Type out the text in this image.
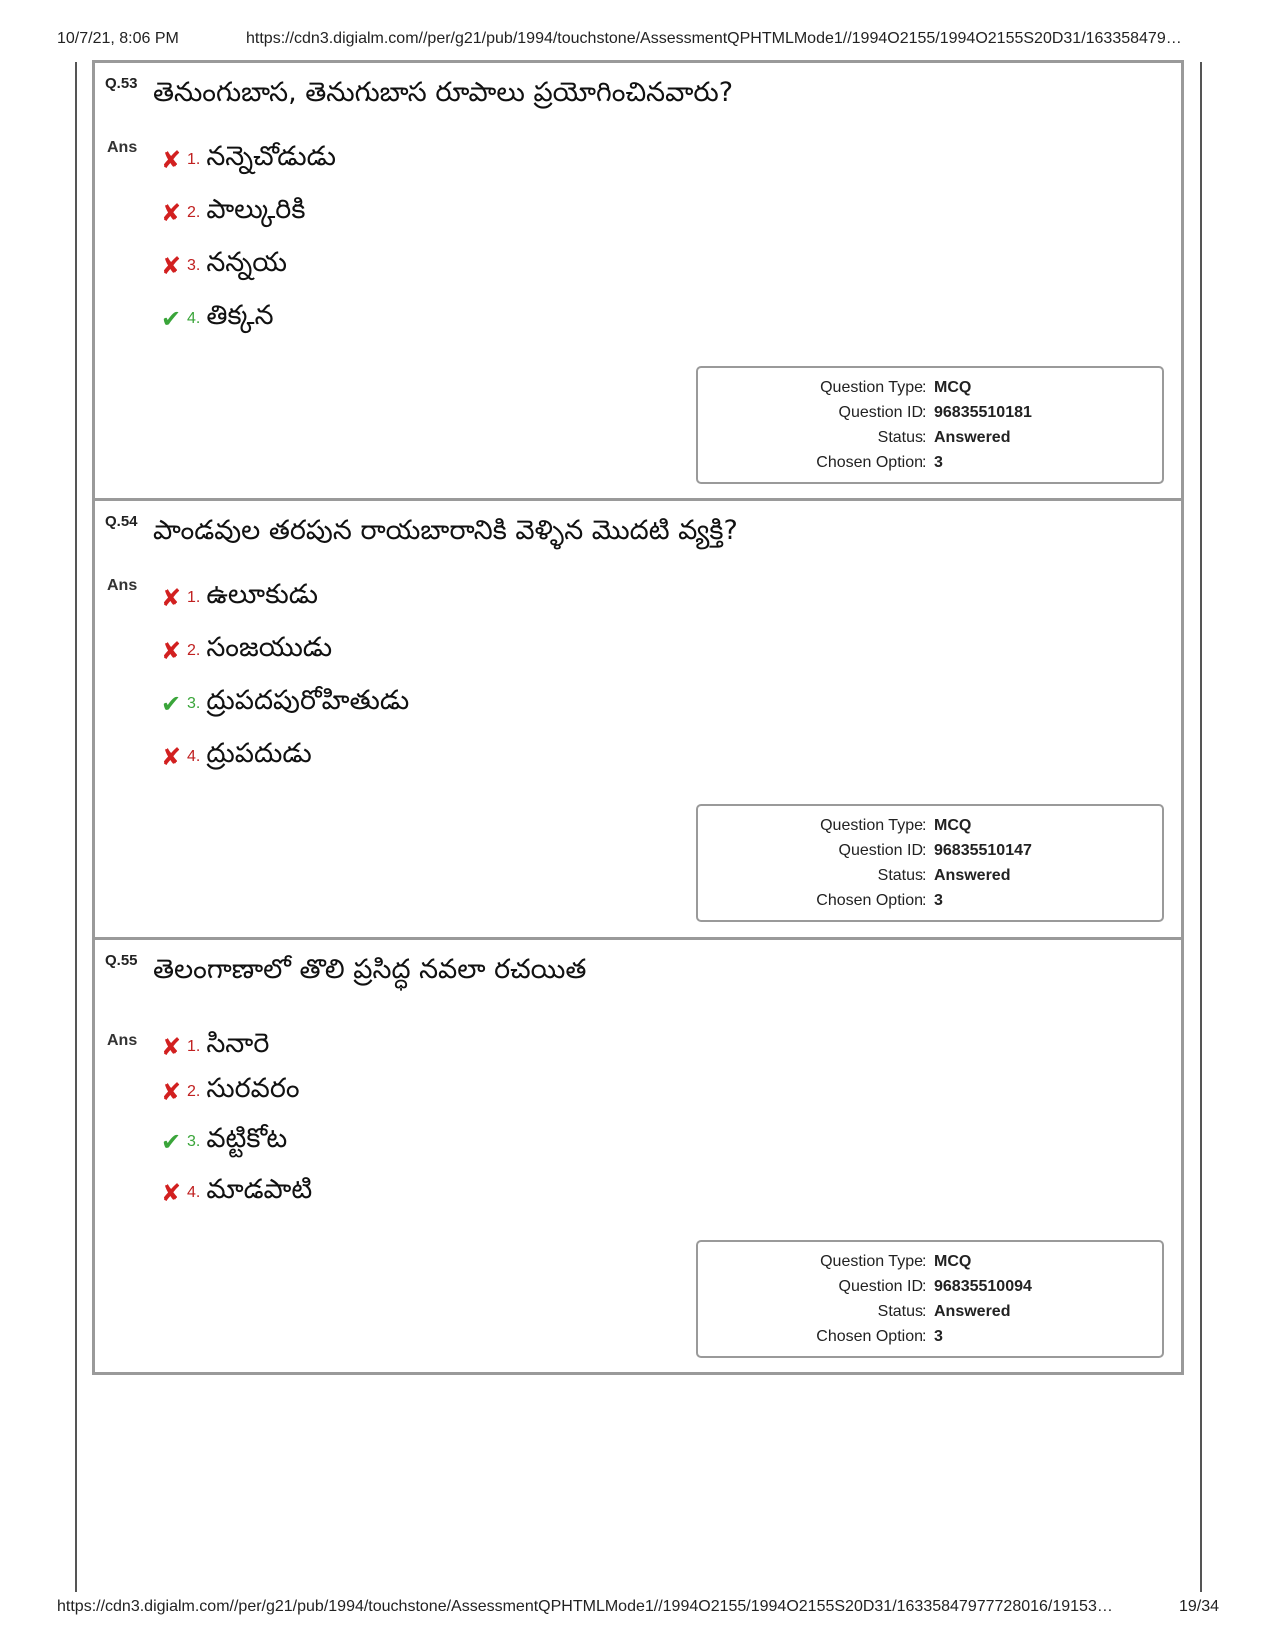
10/7/21, 8:06 PM	https://cdn3.digialm.com//per/g21/pub/1994/touchstone/AssessmentQPHTMLMode1//1994O2155/1994O2155S20D31/163358479…
Q.53 తెనుంగుబాస, తెనుగుబాస రూపాలు ప్రయోగించినవారు?
Ans ✘ 1. నన్నెచోడుడు
✘ 2. పాల్కురికి
✘ 3. నన్నయ
✔ 4. తిక్కన
Question Type : MCQ
Question ID : 96835510181
Status : Answered
Chosen Option : 3
Q.54 పాండవుల తరపున రాయబారానికి వెళ్ళిన మొదటి వ్యక్తి?
Ans ✘ 1. ఉలూకుడు
✘ 2. సంజయుడు
✔ 3. ద్రుపదపురోహితుడు
✘ 4. ద్రుపదుడు
Question Type : MCQ
Question ID : 96835510147
Status : Answered
Chosen Option : 3
Q.55 తెలంగాణాలో తొలి ప్రసిద్ధ నవలా రచయిత
Ans ✘ 1. సినారె
✘ 2. సురవరం
✔ 3. వట్టికోట
✘ 4. మాడపాటి
Question Type : MCQ
Question ID : 96835510094
Status : Answered
Chosen Option : 3
https://cdn3.digialm.com//per/g21/pub/1994/touchstone/AssessmentQPHTMLMode1//1994O2155/1994O2155S20D31/16335847977728016/19153…	19/34
